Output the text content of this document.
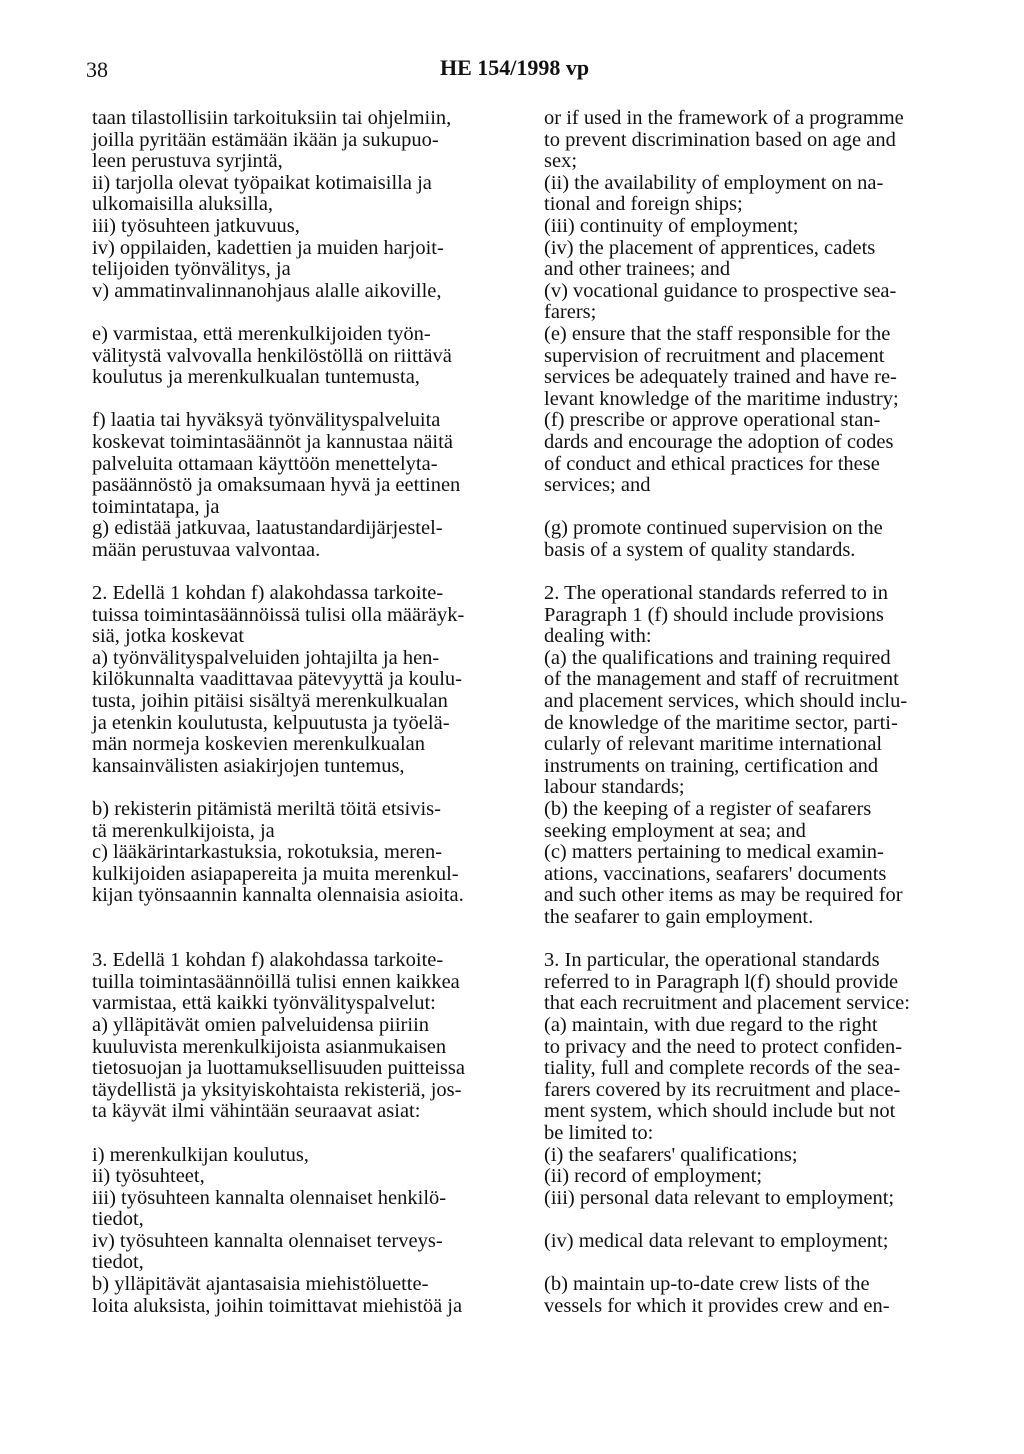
38	HE 154/1998 vp
taan tilastollisiin tarkoituksiin tai ohjelmiin,
joilla pyritään estämään ikään ja sukupuo-
leen perustuva syrjintä,
ii) tarjolla olevat työpaikat kotimaisilla ja
ulkomaisilla aluksilla,
iii) työsuhteen jatkuvuus,
iv) oppilaiden, kadettien ja muiden harjoit-
telijoiden työnvälitys, ja
v) ammatinvalinnanohjaus alalle aikoville,
e) varmistaa, että merenkulkijoiden työn-
välitystä valvovalla henkilöstöllä on riittävä
koulutus ja merenkulkualan tuntemusta,
f) laatia tai hyväksyä työnvälityspalveluita
koskevat toimintasäännöt ja kannustaa näitä
palveluita ottamaan käyttöön menettelyta-
pasäännöstö ja omaksumaan hyvä ja eettinen
toimintatapa, ja
g) edistää jatkuvaa, laatustandardijärjestel-
mään perustuvaa valvontaa.
2. Edellä 1 kohdan f) alakohdassa tarkoite-
tuissa toimintasäännöissä tulisi olla määräyk-
siä, jotka koskevat
a) työnvälityspalveluiden johtajilta ja hen-
kilökunnalta vaadittavaa pätevyyttä ja koulu-
tusta, joihin pitäisi sisältyä merenkulkualan
ja etenkin koulutusta, kelpuutusta ja työelä-
män normeja koskevien merenkulkualan
kansainvälisten asiakirjojen tuntemus,
b) rekisterin pitämistä meriltä töitä etsivis-
tä merenkulkijoista, ja
c) lääkärintarkastuksia, rokotuksia, meren-
kulkijoiden asiapapereita ja muita merenkul-
kijan työnsaannin kannalta olennaisia asioita.
3. Edellä 1 kohdan f) alakohdassa tarkoite-
tuilla toimintasäännöillä tulisi ennen kaikkea
varmistaa, että kaikki työnvälityspalvelut:
a) ylläpitävät omien palveluidensa piiriin
kuuluvista merenkulkijoista asianmukaisen
tietosuojan ja luottamuksellisuuden puitteissa
täydellistä ja yksityiskohtaista rekisteriä, jos-
ta käyvät ilmi vähintään seuraavat asiat:
i) merenkulkijan koulutus,
ii) työsuhteet,
iii) työsuhteen kannalta olennaiset henkilö-
tiedot,
iv) työsuhteen kannalta olennaiset terveys-
tiedot,
b) ylläpitävät ajantasaisia miehistöluette-
loita aluksista, joihin toimittavat miehistöä ja
or if used in the framework of a programme
to prevent discrimination based on age and
sex;
(ii) the availability of employment on na-
tional and foreign ships;
(iii) continuity of employment;
(iv) the placement of apprentices, cadets
and other trainees; and
(v) vocational guidance to prospective sea-
farers;
(e) ensure that the staff responsible for the
supervision of recruitment and placement
services be adequately trained and have re-
levant knowledge of the maritime industry;
(f) prescribe or approve operational stan-
dards and encourage the adoption of codes
of conduct and ethical practices for these
services; and
(g) promote continued supervision on the
basis of a system of quality standards.
2. The operational standards referred to in
Paragraph 1 (f) should include provisions
dealing with:
(a) the qualifications and training required
of the management and staff of recruitment
and placement services, which should inclu-
de knowledge of the maritime sector, parti-
cularly of relevant maritime international
instruments on training, certification and
labour standards;
(b) the keeping of a register of seafarers
seeking employment at sea; and
(c) matters pertaining to medical examin-
ations, vaccinations, seafarers' documents
and such other items as may be required for
the seafarer to gain employment.
3. In particular, the operational standards
referred to in Paragraph l(f) should provide
that each recruitment and placement service:
(a) maintain, with due regard to the right
to privacy and the need to protect confiden-
tiality, full and complete records of the sea-
farers covered by its recruitment and place-
ment system, which should include but not
be limited to:
(i) the seafarers' qualifications;
(ii) record of employment;
(iii) personal data relevant to employment;
(iv) medical data relevant to employment;
(b) maintain up-to-date crew lists of the
vessels for which it provides crew and en-
